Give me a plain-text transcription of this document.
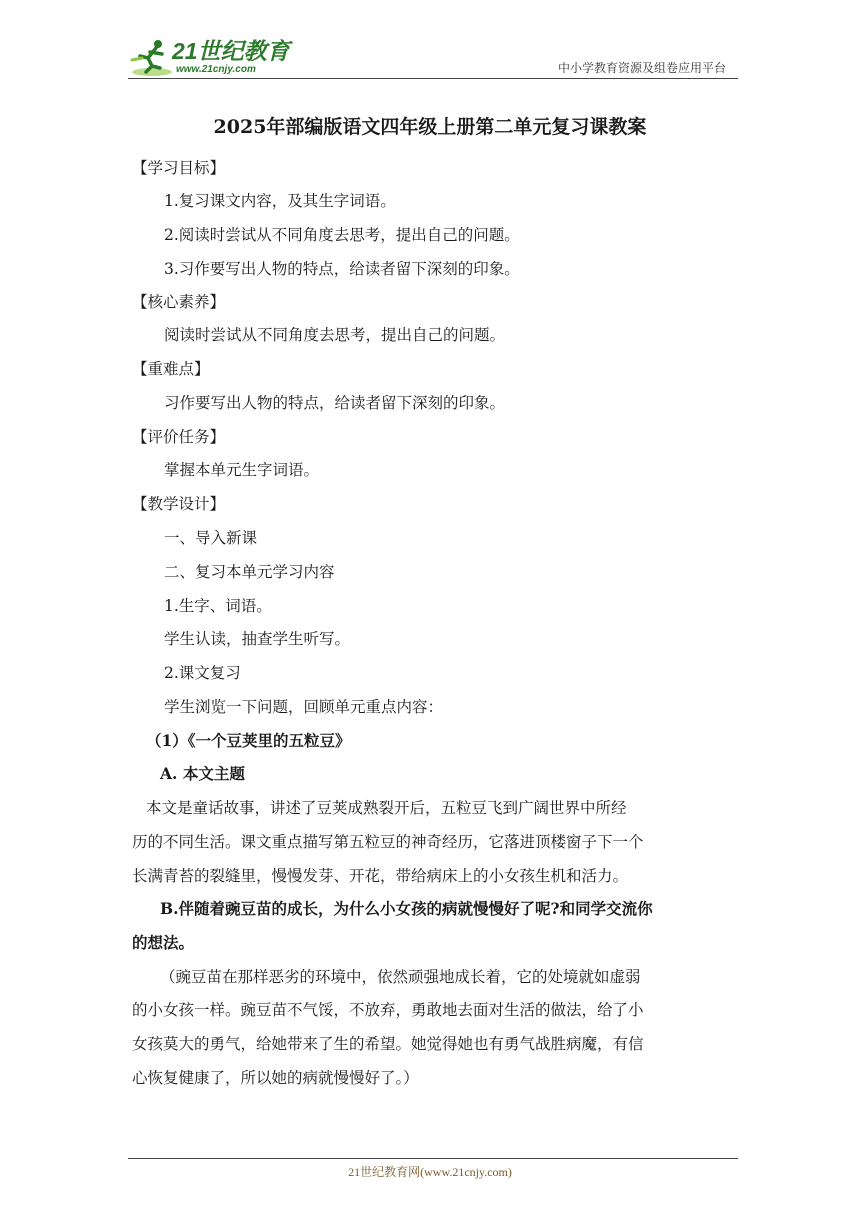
21世纪教育
www.21cnjy.com	中小学教育资源及组卷应用平台
2025年部编版语文四年级上册第二单元复习课教案
【学习目标】
1.复习课文内容，及其生字词语。
2.阅读时尝试从不同角度去思考，提出自己的问题。
3.习作要写出人物的特点，给读者留下深刻的印象。
【核心素养】
阅读时尝试从不同角度去思考，提出自己的问题。
【重难点】
习作要写出人物的特点，给读者留下深刻的印象。
【评价任务】
掌握本单元生字词语。
【教学设计】
一、导入新课
二、复习本单元学习内容
1.生字、词语。
学生认读，抽查学生听写。
2.课文复习
学生浏览一下问题，回顾单元重点内容：
（1）《一个豆荚里的五粒豆》
A. 本文主题
本文是童话故事，讲述了豆荚成熟裂开后，五粒豆飞到广阔世界中所经
历的不同生活。课文重点描写第五粒豆的神奇经历，它落进顶楼窗子下一个
长满青苔的裂缝里，慢慢发芽、开花，带给病床上的小女孩生机和活力。
B.伴随着豌豆苗的成长，为什么小女孩的病就慢慢好了呢?和同学交流你
的想法。
（豌豆苗在那样恶劣的环境中，依然顽强地成长着，它的处境就如虚弱
的小女孩一样。豌豆苗不气馁，不放弃，勇敢地去面对生活的做法，给了小
女孩莫大的勇气，给她带来了生的希望。她觉得她也有勇气战胜病魔，有信
心恢复健康了，所以她的病就慢慢好了。）
21世纪教育网(www.21cnjy.com)
